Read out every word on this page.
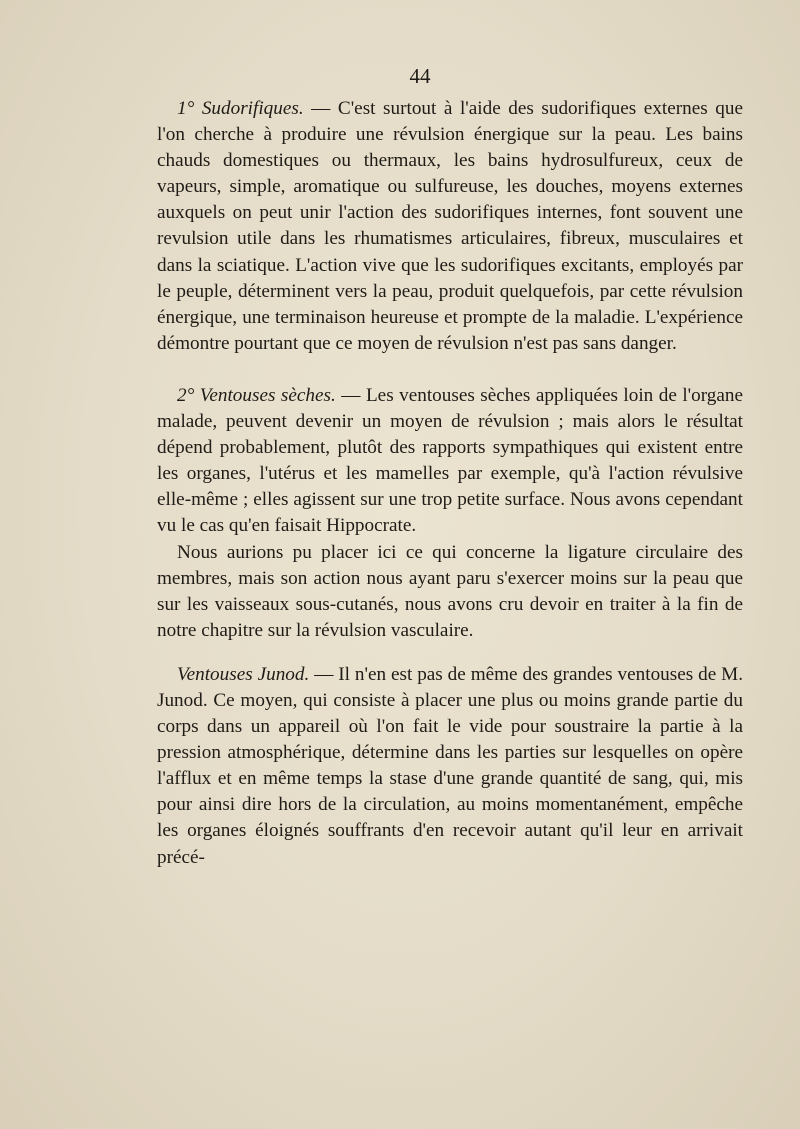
44

1° Sudorifiques. — C'est surtout à l'aide des sudorifiques externes que l'on cherche à produire une révulsion énergique sur la peau. Les bains chauds domestiques ou thermaux, les bains hydrosulfureux, ceux de vapeurs, simple, aromatique ou sulfureuse, les douches, moyens externes auxquels on peut unir l'action des sudorifiques internes, font souvent une revulsion utile dans les rhumatismes articulaires, fibreux, musculaires et dans la sciatique. L'action vive que les sudorifiques excitants, employés par le peuple, déterminent vers la peau, produit quelquefois, par cette révulsion énergique, une terminaison heureuse et prompte de la maladie. L'expérience démontre pourtant que ce moyen de révulsion n'est pas sans danger.

2° Ventouses sèches. — Les ventouses sèches appliquées loin de l'organe malade, peuvent devenir un moyen de révulsion ; mais alors le résultat dépend probablement, plutôt des rapports sympathiques qui existent entre les organes, l'utérus et les mamelles par exemple, qu'à l'action révulsive elle-même ; elles agissent sur une trop petite surface. Nous avons cependant vu le cas qu'en faisait Hippocrate.

Nous aurions pu placer ici ce qui concerne la ligature circulaire des membres, mais son action nous ayant paru s'exercer moins sur la peau que sur les vaisseaux sous-cutanés, nous avons cru devoir en traiter à la fin de notre chapitre sur la révulsion vasculaire.

Ventouses Junod. — Il n'en est pas de même des grandes ventouses de M. Junod. Ce moyen, qui consiste à placer une plus ou moins grande partie du corps dans un appareil où l'on fait le vide pour soustraire la partie à la pression atmosphérique, détermine dans les parties sur lesquelles on opère l'afflux et en même temps la stase d'une grande quantité de sang, qui, mis pour ainsi dire hors de la circulation, au moins momentanément, empêche les organes éloignés souffrants d'en recevoir autant qu'il leur en arrivait précé-
